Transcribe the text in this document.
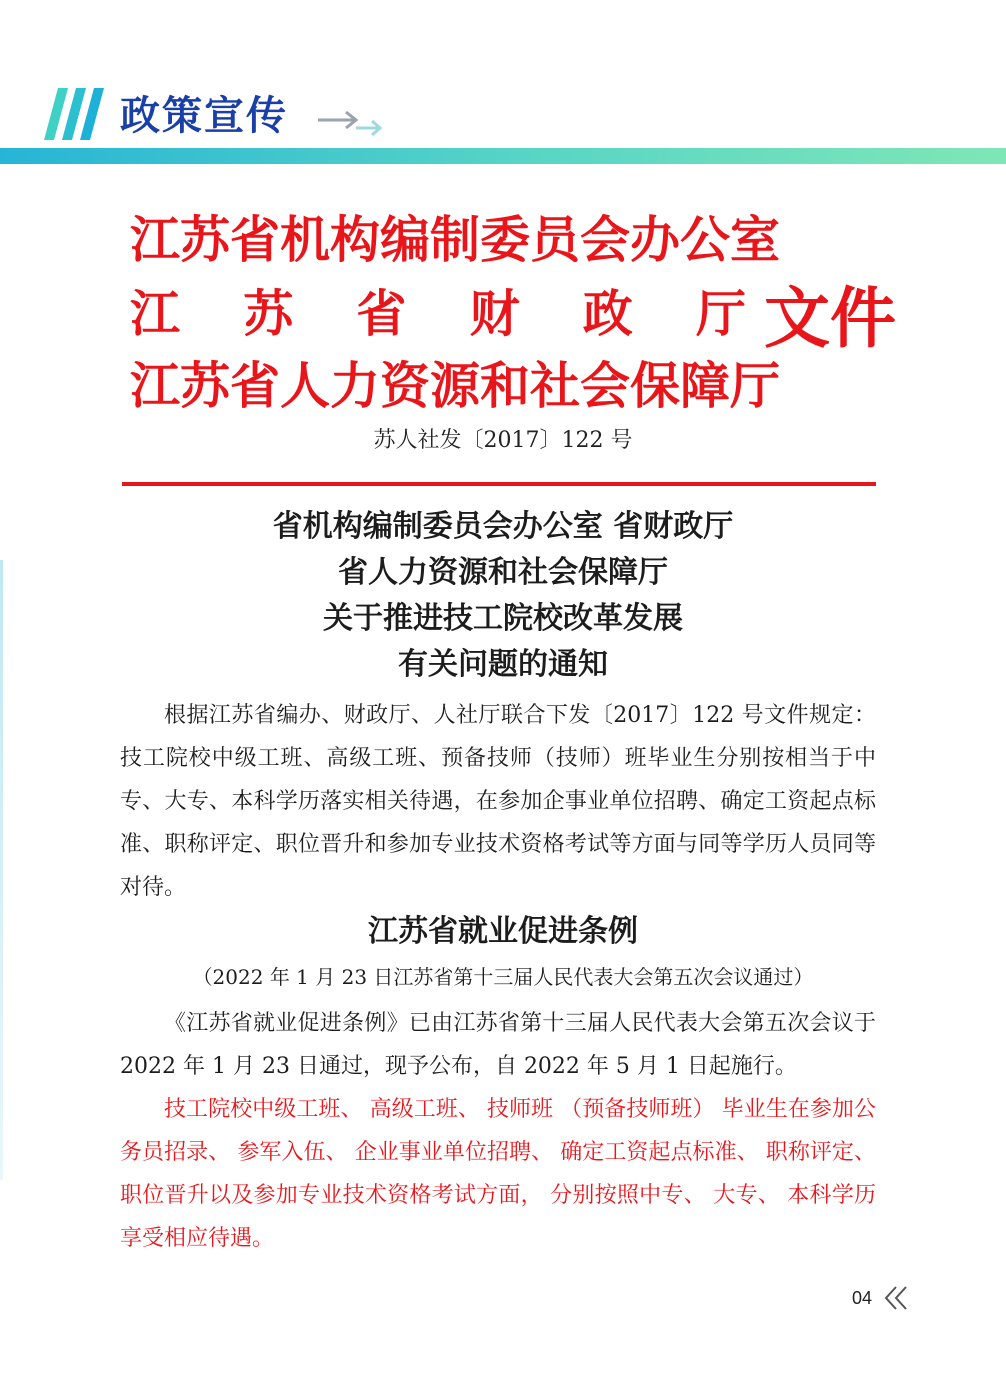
政策宣传
江苏省机构编制委员会办公室
江 苏 省 财 政 厅
江苏省人力资源和社会保障厅
文件
苏人社发〔2017〕122 号
省机构编制委员会办公室 省财政厅
省人力资源和社会保障厅
关于推进技工院校改革发展
有关问题的通知
根据江苏省编办、财政厅、人社厅联合下发〔2017〕122 号文件规定：技工院校中级工班、高级工班、预备技师（技师）班毕业生分别按相当于中专、大专、本科学历落实相关待遇，在参加企事业单位招聘、确定工资起点标准、职称评定、职位晋升和参加专业技术资格考试等方面与同等学历人员同等对待。
江苏省就业促进条例
（2022 年 1 月 23 日江苏省第十三届人民代表大会第五次会议通过）
《江苏省就业促进条例》已由江苏省第十三届人民代表大会第五次会议于 2022 年 1 月 23 日通过，现予公布，自 2022 年 5 月 1 日起施行。
技工院校中级工班、 高级工班、 技师班 （预备技师班） 毕业生在参加公务员招录、 参军入伍、 企业事业单位招聘、 确定工资起点标准、 职称评定、 职位晋升以及参加专业技术资格考试方面， 分别按照中专、 大专、 本科学历享受相应待遇。
04
